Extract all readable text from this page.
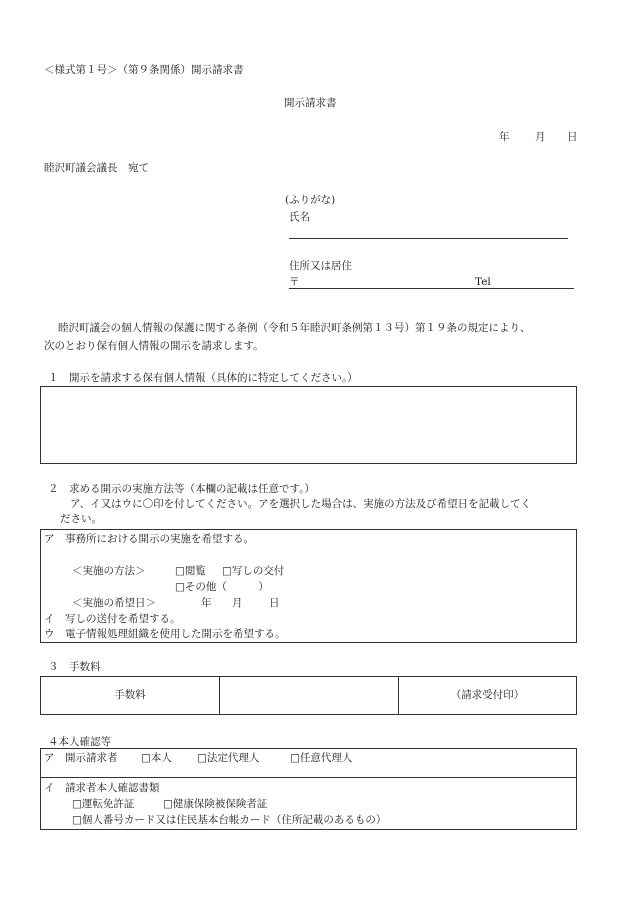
＜様式第１号＞（第９条関係）開示請求書
開示請求書
年 月 日
睦沢町議会議長　宛て
(ふりがな)
氏名
住所又は居住
〒	Tel
睦沢町議会の個人情報の保護に関する条例（令和５年睦沢町条例第１３号）第１９条の規定により、
次のとおり保有個人情報の開示を請求します。
１　開示を請求する保有個人情報（具体的に特定してください。）
２　求める開示の実施方法等（本欄の記載は任意です。）
ア、イ又はウに〇印を付してください。アを選択した場合は、実施の方法及び希望日を記載してく
ださい。
ア　事務所における開示の実施を希望する。
＜実施の方法＞	□閲覧 □写しの交付
□その他（　　　）
＜実施の希望日＞	年 月	日
イ　写しの送付を希望する。
ウ　電子情報処理組織を使用した開示を希望する。
３　手数料
手数料	（請求受付印）
４本人確認等
ア　開示請求者 □本人 □法定代理人	□任意代理人
イ　請求者本人確認書類
□運転免許証	□健康保険被保険者証
□個人番号カード又は住民基本台帳カード（住所記載のあるもの）
